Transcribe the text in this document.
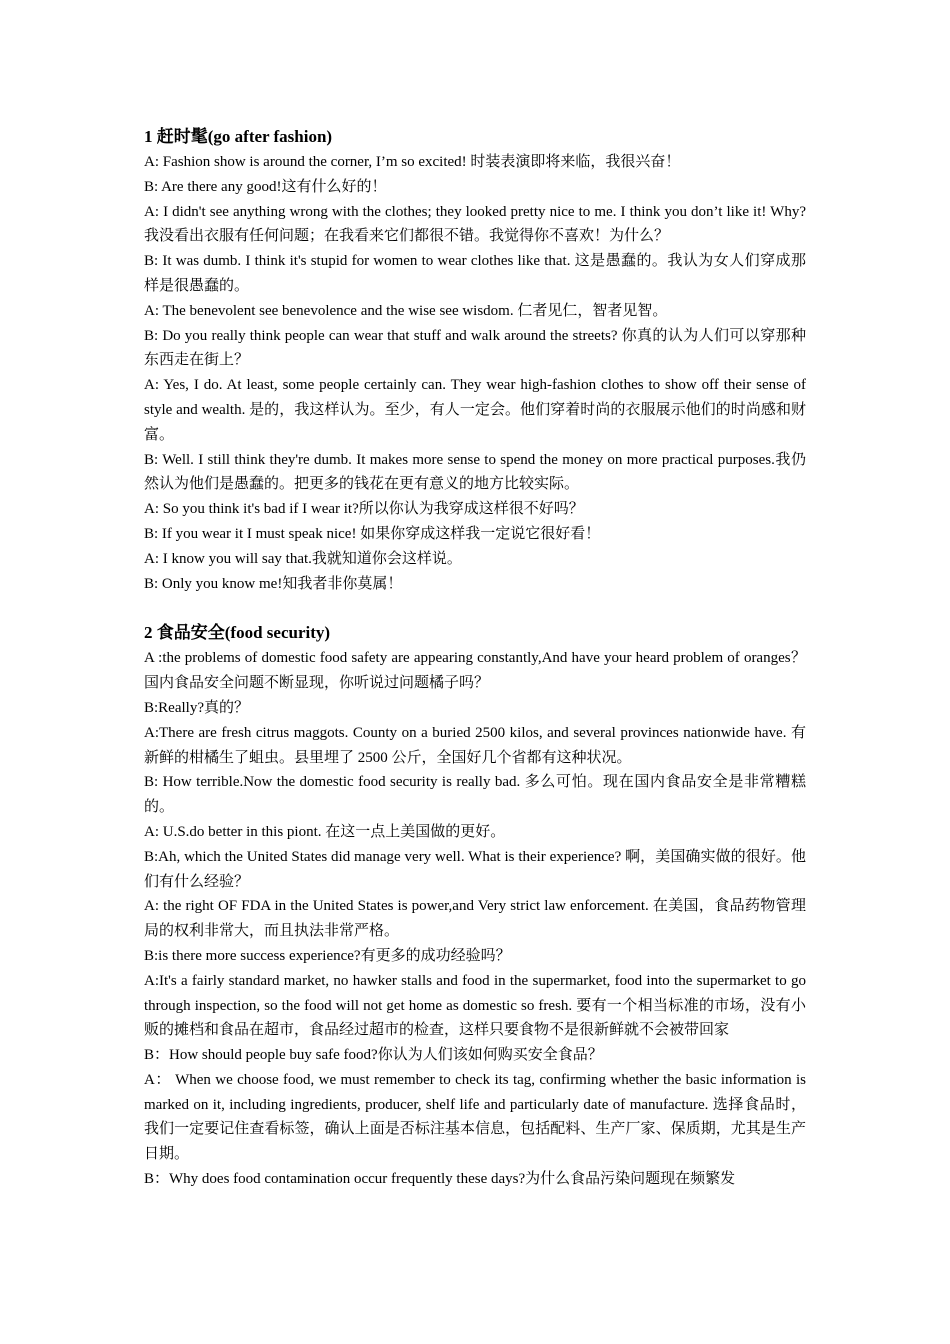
1 赶时髦(go after fashion)

A: Fashion show is around the corner, I’m so excited! 时装表演即将来临，我很兴奋！

B: Are there any good!这有什么好的！

A: I didn't see anything wrong with the clothes; they looked pretty nice to me. I think you don’t like it! Why?我没看出衣服有任何问题；在我看来它们都很不错。我觉得你不喜欢！为什么？

B: It was dumb. I think it's stupid for women to wear clothes like that. 这是愚蠢的。我认为女人们穿成那样是很愚蠢的。

A: The benevolent see benevolence and the wise see wisdom. 仁者见仁，智者见智。

B: Do you really think people can wear that stuff and walk around the streets? 你真的认为人们可以穿那种东西走在街上？

A: Yes, I do. At least, some people certainly can. They wear high-fashion clothes to show off their sense of style and wealth. 是的，我这样认为。至少，有人一定会。他们穿着时尚的衣服展示他们的时尚感和财富。

B: Well. I still think they're dumb. It makes more sense to spend the money on more practical purposes.我仍然认为他们是愚蠢的。把更多的钱花在更有意义的地方比较实际。

A: So you think it's bad if I wear it?所以你认为我穿成这样很不好吗？

B: If you wear it I must speak nice! 如果你穿成这样我一定说它很好看！

A: I know you will say that.我就知道你会这样说。

B: Only you know me!知我者非你莫属！

2 食品安全(food security)

A :the problems of domestic food safety are appearing constantly,And have your heard problem of oranges？ 国内食品安全问题不断显现，你听说过问题橘子吗？

B:Really?真的？

A:There are fresh citrus maggots. County on a buried 2500 kilos, and several provinces nationwide have. 有新鲜的柑橘生了蛆虫。县里埋了 2500 公斤，全国好几个省都有这种状况。

B: How terrible.Now the domestic food security is really bad. 多么可怕。现在国内食品安全是非常糟糕的。

A: U.S.do better in this piont. 在这一点上美国做的更好。

B:Ah, which the United States did manage very well. What is their experience? 啊，美国确实做的很好。他们有什么经验？

A: the right OF FDA in the United States is power,and Very strict law enforcement. 在美国，食品药物管理局的权利非常大，而且执法非常严格。

B:is there more success experience?有更多的成功经验吗？

A:It's a fairly standard market, no hawker stalls and food in the supermarket, food into the supermarket to go through inspection, so the food will not get home as domestic so fresh. 要有一个相当标准的市场，没有小贩的摊档和食品在超市，食品经过超市的检查，这样只要食物不是很新鲜就不会被带回家

B：How should people buy safe food?你认为人们该如何购买安全食品？

A： When we choose food, we must remember to check its tag, confirming whether the basic information is marked on it, including ingredients, producer, shelf life and particularly date of manufacture. 选择食品时，我们一定要记住查看标签，确认上面是否标注基本信息，包括配料、生产厂家、保质期，尤其是生产日期。

B：Why does food contamination occur frequently these days?为什么食品污染问题现在频繁发
